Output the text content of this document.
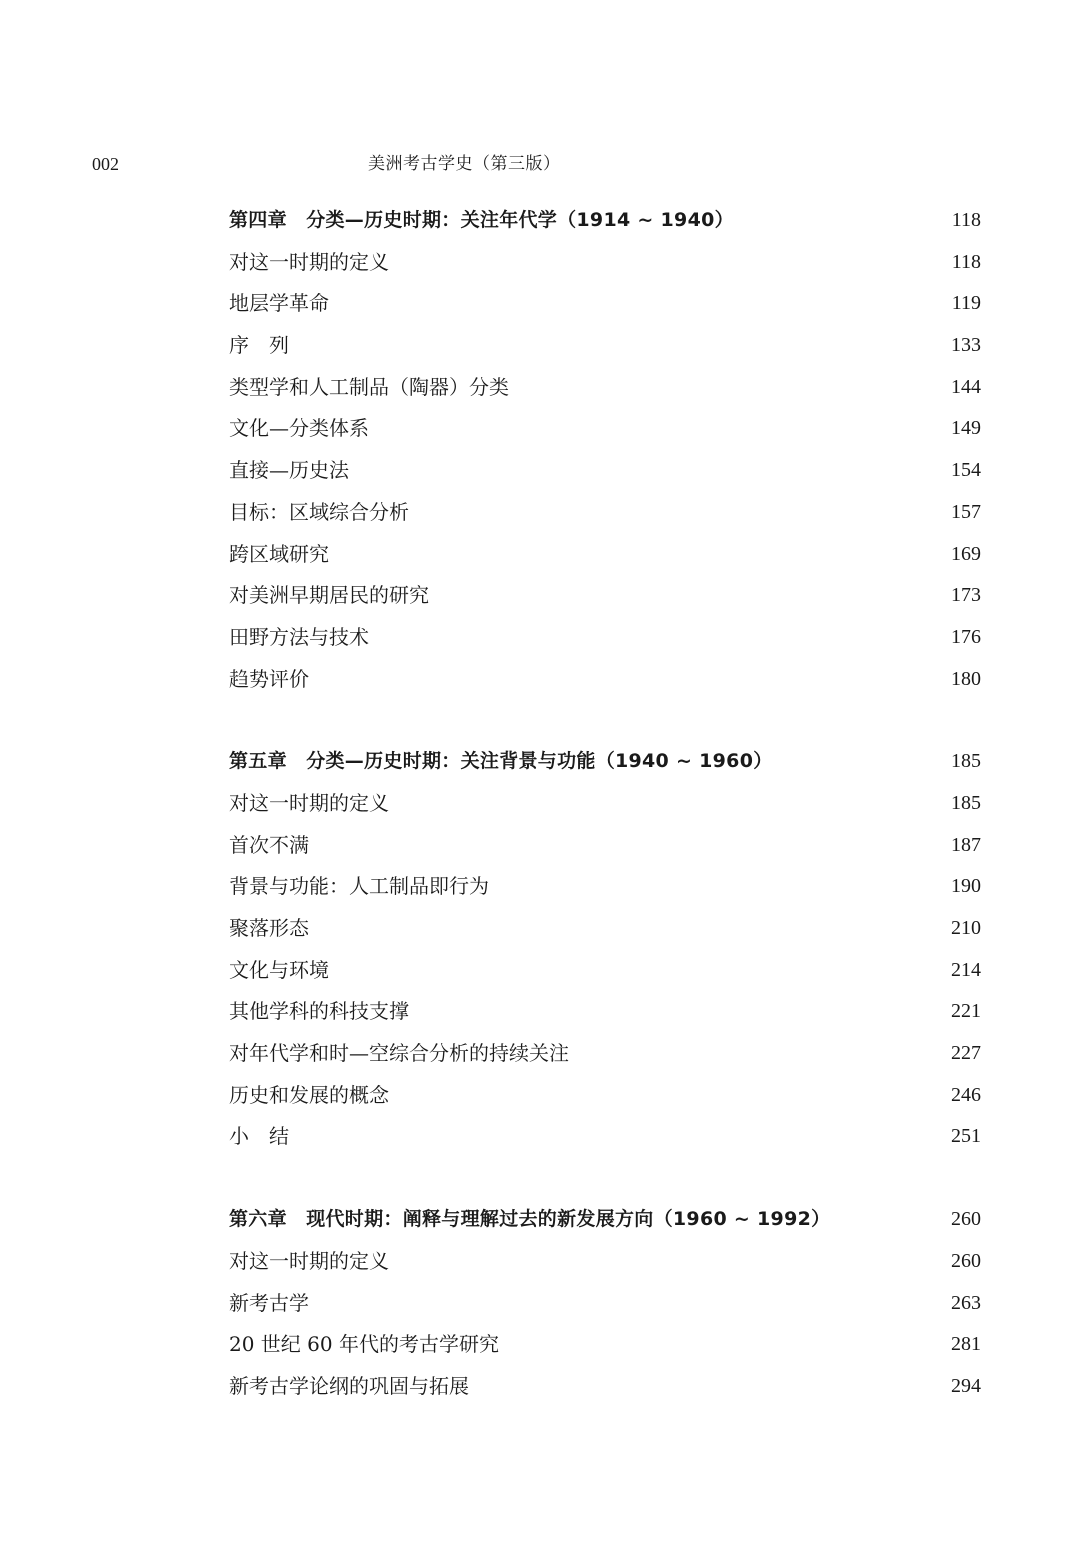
002	美洲考古学史（第三版）
第四章　分类—历史时期：关注年代学（1914 ~ 1940）	118
对这一时期的定义	118
地层学革命	119
序　列	133
类型学和人工制品（陶器）分类	144
文化—分类体系	149
直接—历史法	154
目标：区域综合分析	157
跨区域研究	169
对美洲早期居民的研究	173
田野方法与技术	176
趋势评价	180
第五章　分类—历史时期：关注背景与功能（1940 ~ 1960）	185
对这一时期的定义	185
首次不满	187
背景与功能：人工制品即行为	190
聚落形态	210
文化与环境	214
其他学科的科技支撑	221
对年代学和时—空综合分析的持续关注	227
历史和发展的概念	246
小　结	251
第六章　现代时期：阐释与理解过去的新发展方向（1960 ~ 1992）	260
对这一时期的定义	260
新考古学	263
20 世纪 60 年代的考古学研究	281
新考古学论纲的巩固与拓展	294
